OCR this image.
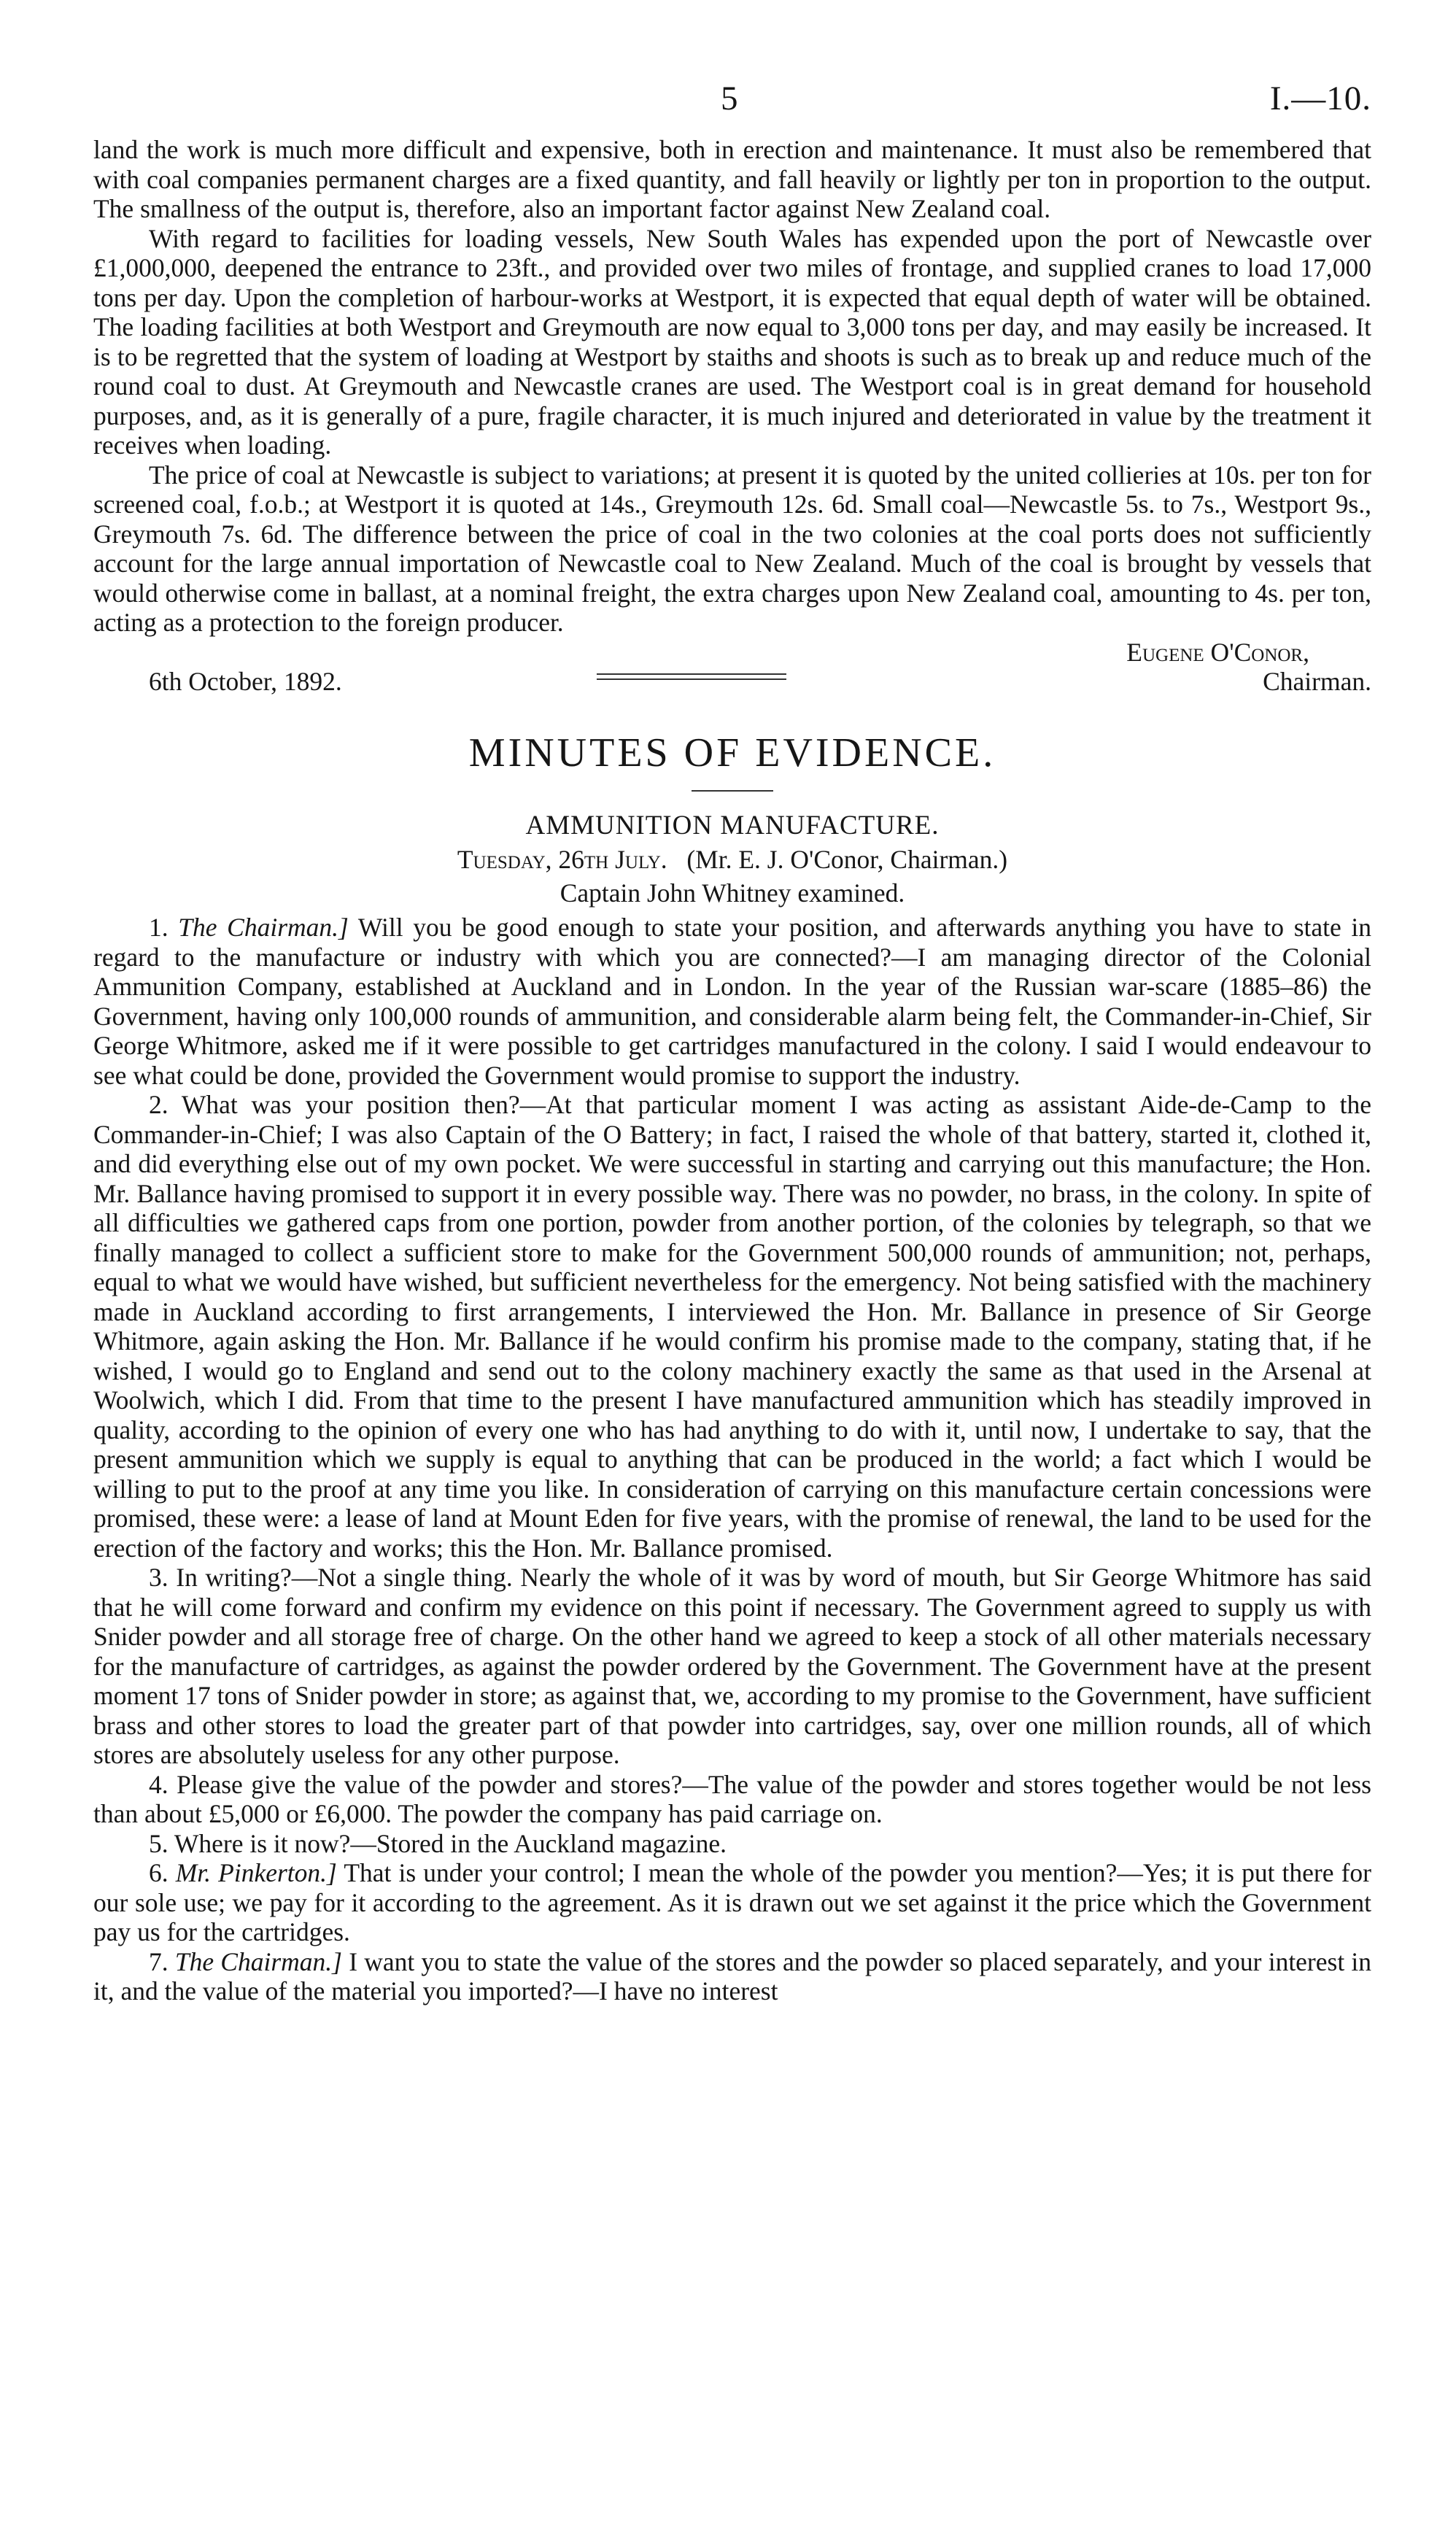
5	I.—10.

land the work is much more difficult and expensive, both in erection and maintenance. It must also be remembered that with coal companies permanent charges are a fixed quantity, and fall heavily or lightly per ton in proportion to the output. The smallness of the output is, therefore, also an important factor against New Zealand coal.

With regard to facilities for loading vessels, New South Wales has expended upon the port of Newcastle over £1,000,000, deepened the entrance to 23ft., and provided over two miles of frontage, and supplied cranes to load 17,000 tons per day. Upon the completion of harbour-works at Westport, it is expected that equal depth of water will be obtained. The loading facilities at both Westport and Greymouth are now equal to 3,000 tons per day, and may easily be increased. It is to be regretted that the system of loading at Westport by staiths and shoots is such as to break up and reduce much of the round coal to dust. At Greymouth and Newcastle cranes are used. The Westport coal is in great demand for household purposes, and, as it is generally of a pure, fragile character, it is much injured and deteriorated in value by the treatment it receives when loading.

The price of coal at Newcastle is subject to variations; at present it is quoted by the united collieries at 10s. per ton for screened coal, f.o.b.; at Westport it is quoted at 14s., Greymouth 12s. 6d. Small coal—Newcastle 5s. to 7s., Westport 9s., Greymouth 7s. 6d. The difference between the price of coal in the two colonies at the coal ports does not sufficiently account for the large annual importation of Newcastle coal to New Zealand. Much of the coal is brought by vessels that would otherwise come in ballast, at a nominal freight, the extra charges upon New Zealand coal, amounting to 4s. per ton, acting as a protection to the foreign producer.

Eugene O'Conor,

6th October, 1892.	Chairman.
MINUTES OF EVIDENCE.
AMMUNITION MANUFACTURE.
Tuesday, 26th July. (Mr. E. J. O'Conor, Chairman.)
Captain John Whitney examined.

1. The Chairman.] Will you be good enough to state your position, and afterwards anything you have to state in regard to the manufacture or industry with which you are connected?—I am managing director of the Colonial Ammunition Company, established at Auckland and in London. In the year of the Russian war-scare (1885–86) the Government, having only 100,000 rounds of ammunition, and considerable alarm being felt, the Commander-in-Chief, Sir George Whitmore, asked me if it were possible to get cartridges manufactured in the colony. I said I would endeavour to see what could be done, provided the Government would promise to support the industry.

2. What was your position then?—At that particular moment I was acting as assistant Aide-de-Camp to the Commander-in-Chief; I was also Captain of the O Battery; in fact, I raised the whole of that battery, started it, clothed it, and did everything else out of my own pocket. We were successful in starting and carrying out this manufacture; the Hon. Mr. Ballance having promised to support it in every possible way. There was no powder, no brass, in the colony. In spite of all difficulties we gathered caps from one portion, powder from another portion, of the colonies by telegraph, so that we finally managed to collect a sufficient store to make for the Government 500,000 rounds of ammunition; not, perhaps, equal to what we would have wished, but sufficient nevertheless for the emergency. Not being satisfied with the machinery made in Auckland according to first arrangements, I interviewed the Hon. Mr. Ballance in presence of Sir George Whitmore, again asking the Hon. Mr. Ballance if he would confirm his promise made to the company, stating that, if he wished, I would go to England and send out to the colony machinery exactly the same as that used in the Arsenal at Woolwich, which I did. From that time to the present I have manufactured ammunition which has steadily improved in quality, according to the opinion of every one who has had anything to do with it, until now, I undertake to say, that the present ammunition which we supply is equal to anything that can be produced in the world; a fact which I would be willing to put to the proof at any time you like. In consideration of carrying on this manufacture certain concessions were promised, these were: a lease of land at Mount Eden for five years, with the promise of renewal, the land to be used for the erection of the factory and works; this the Hon. Mr. Ballance promised.

3. In writing?—Not a single thing. Nearly the whole of it was by word of mouth, but Sir George Whitmore has said that he will come forward and confirm my evidence on this point if necessary. The Government agreed to supply us with Snider powder and all storage free of charge. On the other hand we agreed to keep a stock of all other materials necessary for the manufacture of cartridges, as against the powder ordered by the Government. The Government have at the present moment 17 tons of Snider powder in store; as against that, we, according to my promise to the Government, have sufficient brass and other stores to load the greater part of that powder into cartridges, say, over one million rounds, all of which stores are absolutely useless for any other purpose.

4. Please give the value of the powder and stores?—The value of the powder and stores together would be not less than about £5,000 or £6,000. The powder the company has paid carriage on.

5. Where is it now?—Stored in the Auckland magazine.

6. Mr. Pinkerton.] That is under your control; I mean the whole of the powder you mention?—Yes; it is put there for our sole use; we pay for it according to the agreement. As it is drawn out we set against it the price which the Government pay us for the cartridges.

7. The Chairman.] I want you to state the value of the stores and the powder so placed separately, and your interest in it, and the value of the material you imported?—I have no interest
